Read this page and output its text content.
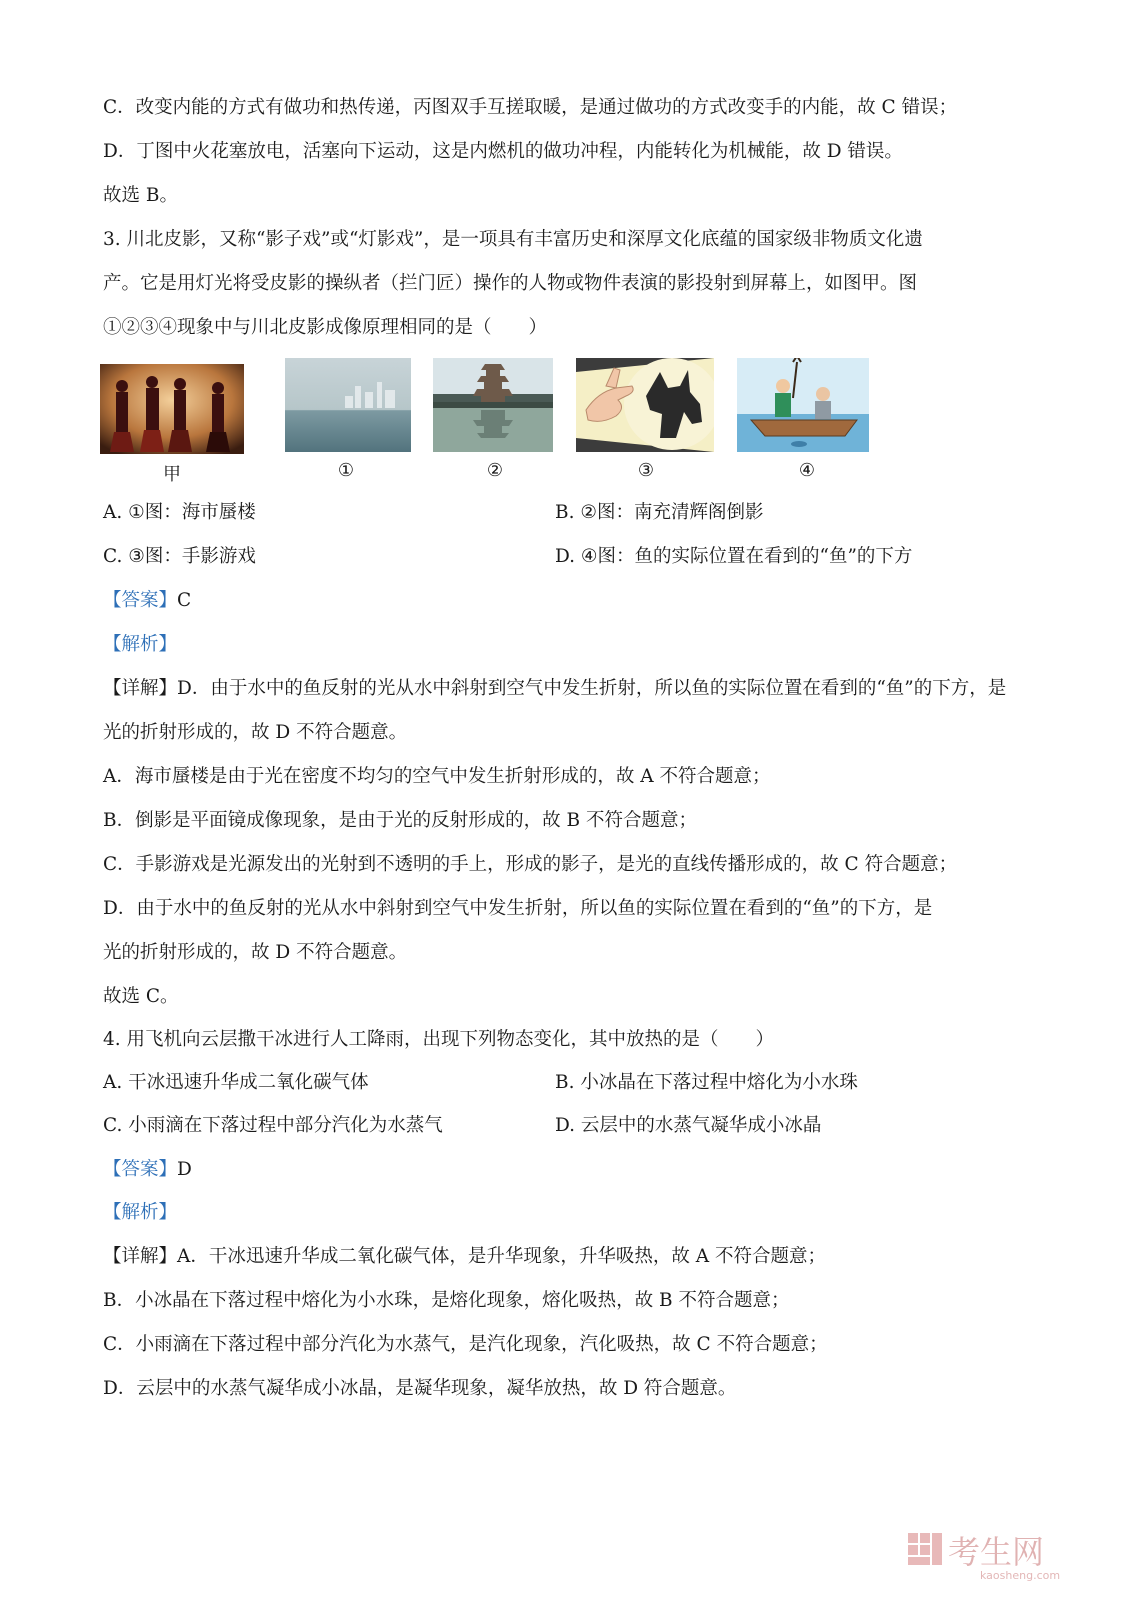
C．改变内能的方式有做功和热传递，丙图双手互搓取暖，是通过做功的方式改变手的内能，故 C 错误；
D．丁图中火花塞放电，活塞向下运动，这是内燃机的做功冲程，内能转化为机械能，故 D 错误。
故选 B。
3. 川北皮影，又称“影子戏”或“灯影戏”，是一项具有丰富历史和深厚文化底蕴的国家级非物质文化遗
产。它是用灯光将受皮影的操纵者（拦门匠）操作的人物或物件表演的影投射到屏幕上，如图甲。图
①②③④现象中与川北皮影成像原理相同的是（　　）
甲	①	②	③	④
A. ①图：海市蜃楼	B. ②图：南充清辉阁倒影
C. ③图：手影游戏	D. ④图：鱼的实际位置在看到的“鱼”的下方
【答案】C
【解析】
【详解】D．由于水中的鱼反射的光从水中斜射到空气中发生折射，所以鱼的实际位置在看到的“鱼”的下方，是
光的折射形成的，故 D 不符合题意。
A．海市蜃楼是由于光在密度不均匀的空气中发生折射形成的，故 A 不符合题意；
B．倒影是平面镜成像现象，是由于光的反射形成的，故 B 不符合题意；
C．手影游戏是光源发出的光射到不透明的手上，形成的影子，是光的直线传播形成的，故 C 符合题意；
D．由于水中的鱼反射的光从水中斜射到空气中发生折射，所以鱼的实际位置在看到的“鱼”的下方，是
光的折射形成的，故 D 不符合题意。
故选 C。
4. 用飞机向云层撒干冰进行人工降雨，出现下列物态变化，其中放热的是（　　）
A. 干冰迅速升华成二氧化碳气体	B. 小冰晶在下落过程中熔化为小水珠
C. 小雨滴在下落过程中部分汽化为水蒸气	D. 云层中的水蒸气凝华成小冰晶
【答案】D
【解析】
【详解】A．干冰迅速升华成二氧化碳气体，是升华现象，升华吸热，故 A 不符合题意；
B．小冰晶在下落过程中熔化为小水珠，是熔化现象，熔化吸热，故 B 不符合题意；
C．小雨滴在下落过程中部分汽化为水蒸气，是汽化现象，汽化吸热，故 C 不符合题意；
D．云层中的水蒸气凝华成小冰晶，是凝华现象，凝华放热，故 D 符合题意。
考生网
kaosheng.com
